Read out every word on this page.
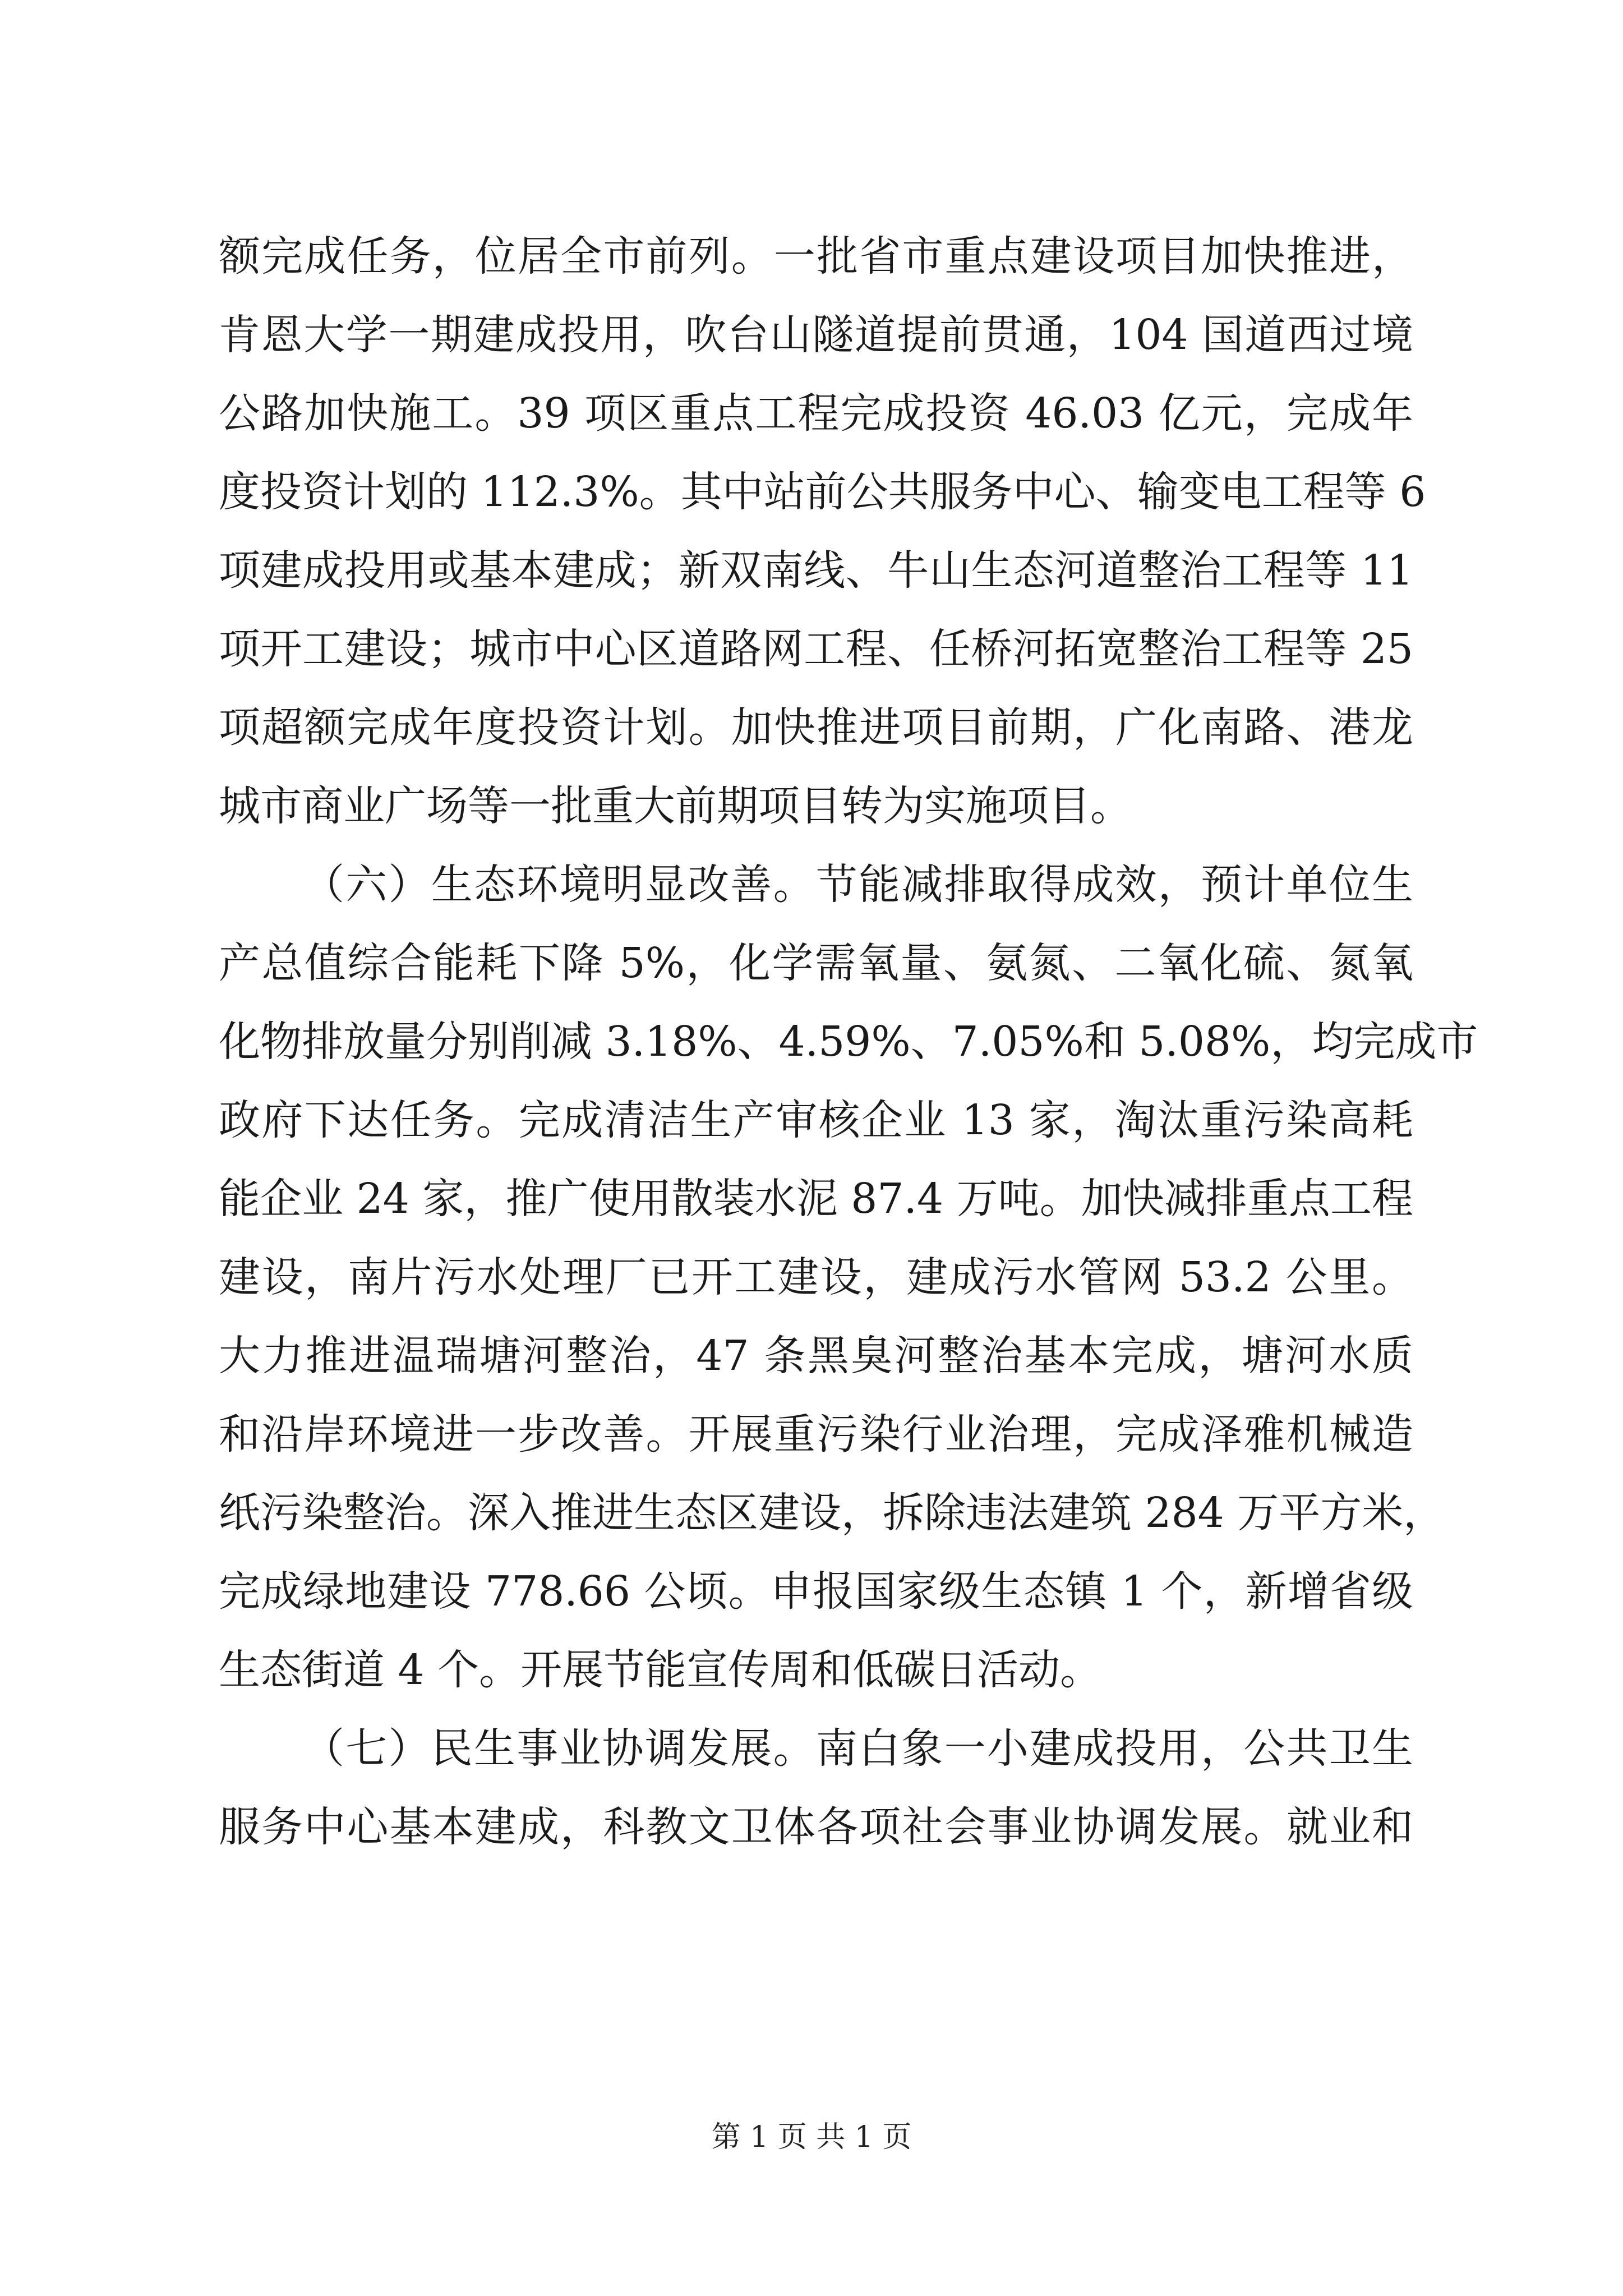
额完成任务，位居全市前列。一批省市重点建设项目加快推进，
肯恩大学一期建成投用，吹台山隧道提前贯通，104 国道西过境
公路加快施工。39 项区重点工程完成投资 46.03 亿元，完成年
度投资计划的 112.3%。其中站前公共服务中心、输变电工程等 6
项建成投用或基本建成；新双南线、牛山生态河道整治工程等 11
项开工建设；城市中心区道路网工程、任桥河拓宽整治工程等 25
项超额完成年度投资计划。加快推进项目前期，广化南路、港龙
城市商业广场等一批重大前期项目转为实施项目。
（六）生态环境明显改善。节能减排取得成效，预计单位生
产总值综合能耗下降 5%，化学需氧量、氨氮、二氧化硫、氮氧
化物排放量分别削减 3.18%、4.59%、7.05%和 5.08%，均完成市
政府下达任务。完成清洁生产审核企业 13 家，淘汰重污染高耗
能企业 24 家，推广使用散装水泥 87.4 万吨。加快减排重点工程
建设，南片污水处理厂已开工建设，建成污水管网 53.2 公里。
大力推进温瑞塘河整治，47 条黑臭河整治基本完成，塘河水质
和沿岸环境进一步改善。开展重污染行业治理，完成泽雅机械造
纸污染整治。深入推进生态区建设，拆除违法建筑 284 万平方米，
完成绿地建设 778.66 公顷。申报国家级生态镇 1 个，新增省级
生态街道 4 个。开展节能宣传周和低碳日活动。
（七）民生事业协调发展。南白象一小建成投用，公共卫生
服务中心基本建成，科教文卫体各项社会事业协调发展。就业和
第 1 页 共 1 页
